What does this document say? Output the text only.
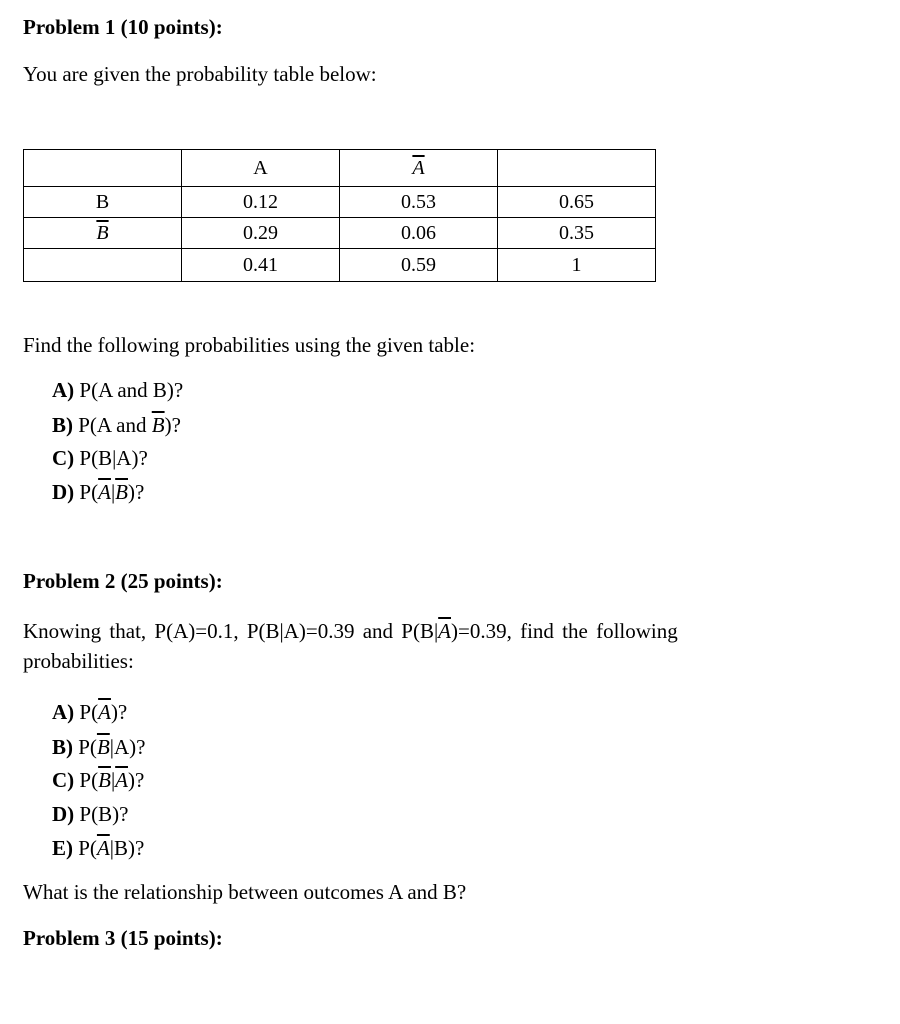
Problem 1 (10 points):
You are given the probability table below:
	A	$\overline{A}$	
B	0.12	0.53	0.65
$\overline{B}$	0.29	0.06	0.35
	0.41	0.59	1
Find the following probabilities using the given table:
A) P(A and B)?
B) P(A and $\overline{B}$)?
C) P(B|A)?
D) $P(\overline{A}|\overline{B})$?
Problem 2 (25 points):
Knowing that, P(A)=0.1, P(B|A)=0.39 and $P(B|\overline{A})=0.39$, find the following
probabilities:
A) $P(\overline{A})$?
B) $P(\overline{B}|A)$?
C) $P(\overline{B}|\overline{A})$?
D) P(B)?
E) $P(\overline{A}|B)$?
What is the relationship between outcomes A and B?
Problem 3 (15 points):
